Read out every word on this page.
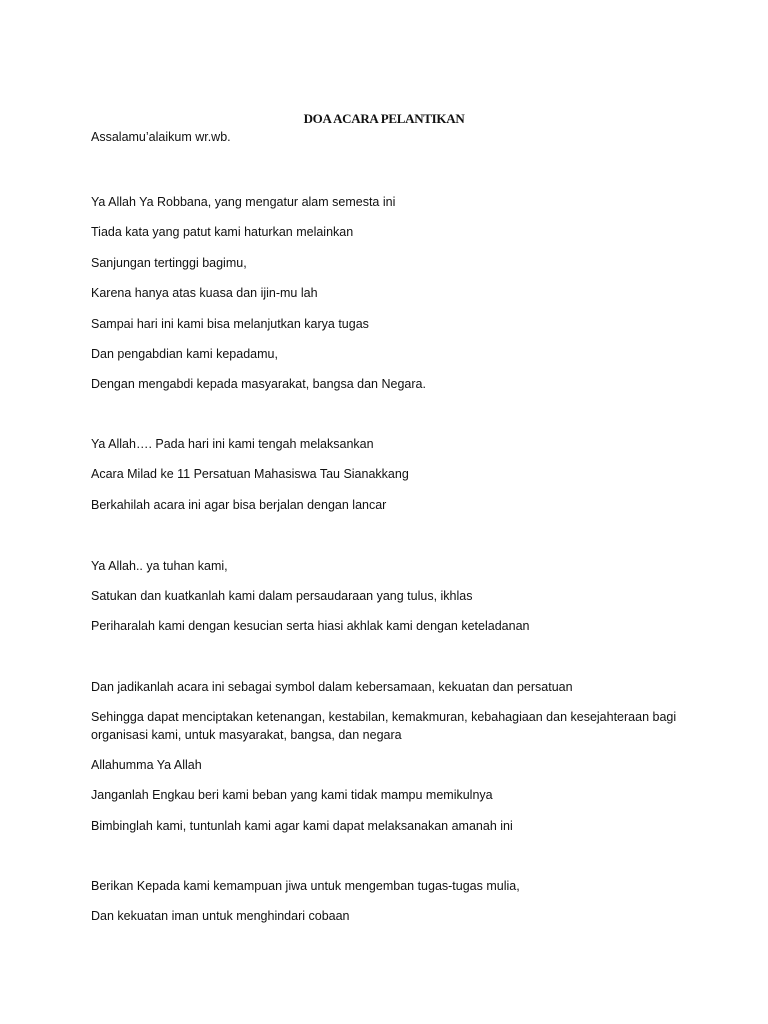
DOA ACARA PELANTIKAN
Assalamu’alaikum wr.wb.
Ya Allah Ya Robbana, yang mengatur alam semesta ini
Tiada kata yang patut kami haturkan melainkan
Sanjungan tertinggi bagimu,
Karena hanya atas kuasa dan ijin-mu lah
Sampai hari ini kami bisa melanjutkan karya tugas
Dan pengabdian kami kepadamu,
Dengan mengabdi kepada masyarakat, bangsa dan Negara.
Ya Allah…. Pada hari ini kami tengah melaksankan
Acara Milad ke 11 Persatuan Mahasiswa Tau Sianakkang
Berkahilah acara ini agar bisa berjalan dengan lancar
Ya Allah.. ya tuhan kami,
Satukan dan kuatkanlah kami dalam persaudaraan yang tulus, ikhlas
Periharalah kami dengan kesucian serta hiasi akhlak kami dengan keteladanan
Dan jadikanlah acara ini sebagai symbol dalam kebersamaan, kekuatan dan persatuan
Sehingga dapat menciptakan ketenangan, kestabilan, kemakmuran, kebahagiaan dan kesejahteraan bagi organisasi kami, untuk masyarakat, bangsa, dan negara
Allahumma Ya Allah
Janganlah Engkau beri kami beban yang kami tidak mampu memikulnya
Bimbinglah kami, tuntunlah kami agar kami dapat melaksanakan amanah ini
Berikan Kepada kami kemampuan jiwa untuk mengemban tugas-tugas mulia,
Dan kekuatan iman untuk menghindari cobaan
